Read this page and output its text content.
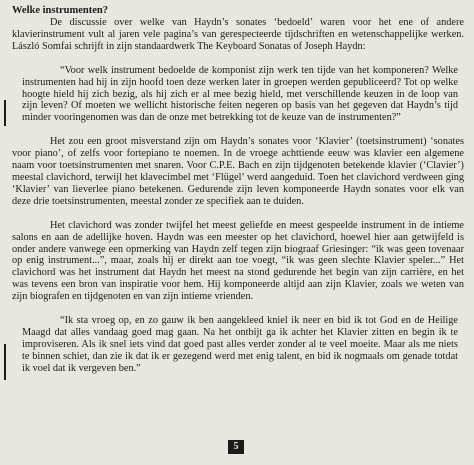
Welke instrumenten?

De discussie over welke van Haydn’s sonates ‘bedoeld’ waren voor het ene of andere klavierinstrument vult al jaren vele pagina’s van gerespecteerde tijdschriften en wetenschappelijke werken. László Somfai schrijft in zijn standaardwerk The Keyboard Sonatas of Joseph Haydn:

“Voor welk instrument bedoelde de komponist zijn werk ten tijde van het komponeren? Welke instrumenten had hij in zijn hoofd toen deze werken later in groepen werden gepubliceerd? Tot op welke hoogte hield hij zich bezig, als hij zich er al mee bezig hield, met verschillende keuzen in de loop van zijn leven? Of moeten we wellicht historische feiten negeren op basis van het gegeven dat Haydn’s tijd minder vooringenomen was dan de onze met betrekking tot de keuze van de instrumenten?”

Het zou een groot misverstand zijn om Haydn’s sonates voor ‘Klavier’ (toetsinstrument) ‘sonates voor piano’, of zelfs voor fortepiano te noemen. In de vroege achttiende eeuw was klavier een algemene naam voor toetsinstrumenten met snaren. Voor C.P.E. Bach en zijn tijdgenoten betekende klavier (‘Clavier’) meestal clavichord, terwijl het klavecimbel met ‘Flügel’ werd aangeduid. Toen het clavichord verdween ging ‘Klavier’ van lieverlee piano betekenen. Gedurende zijn leven komponeerde Haydn sonates voor elk van deze drie toetsinstrumenten, meestal zonder ze specifiek aan te duiden.

Het clavichord was zonder twijfel het meest geliefde en meest gespeelde instrument in de intieme salons en aan de adellijke hoven. Haydn was een meester op het clavichord, hoewel hier aan getwijfeld is onder andere vanwege een opmerking van Haydn zelf tegen zijn biograaf Griesinger: “ik was geen tovenaar op enig instrument...”, maar, zoals hij er direkt aan toe voegt, “ik was geen slechte Klavier speler...” Het clavichord was het instrument dat Haydn het meest na stond gedurende het begin van zijn carrière, en het was tevens een bron van inspiratie voor hem. Hij komponeerde altijd aan zijn Klavier, zoals we weten van zijn biografen en tijdgenoten en van zijn intieme vrienden.

“Ik sta vroeg op, en zo gauw ik ben aangekleed kniel ik neer en bid ik tot God en de Heilige Maagd dat alles vandaag goed mag gaan. Na het ontbijt ga ik achter het Klavier zitten en begin ik te improviseren. Als ik snel iets vind dat goed past alles verder zonder al te veel moeite. Maar als me niets te binnen schiet, dan zie ik dat ik er gezegend werd met enig talent, en bid ik nogmaals om genade totdat ik voel dat ik vergeven ben.”

5
